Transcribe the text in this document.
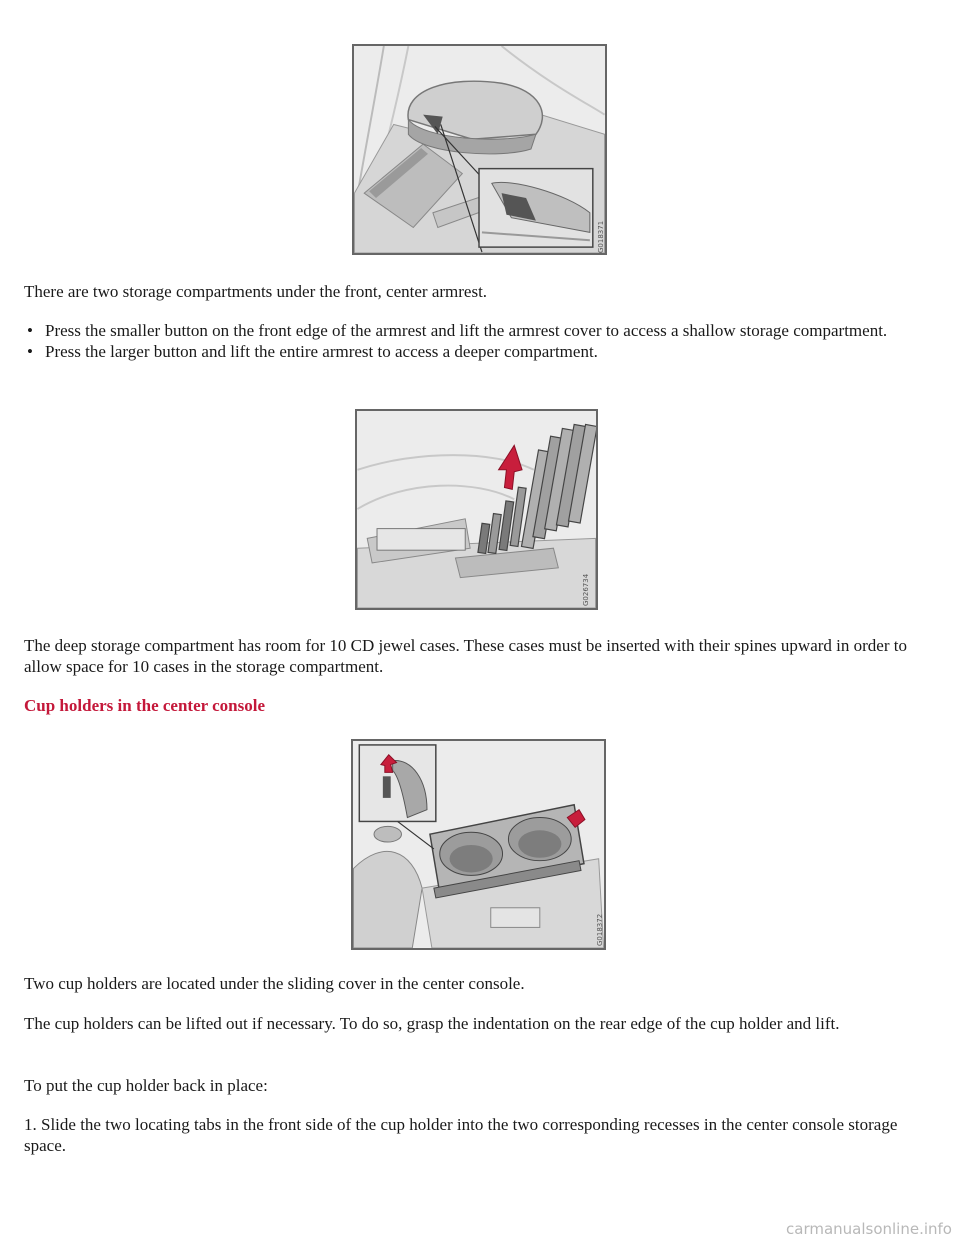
G018371

There are two storage compartments under the front, center armrest.

• Press the smaller button on the front edge of the armrest and lift the armrest cover to access a shallow storage compartment.
• Press the larger button and lift the entire armrest to access a deeper compartment.
G026734

The deep storage compartment has room for 10 CD jewel cases. These cases must be inserted with their spines upward in order to allow space for 10 cases in the storage compartment.

Cup holders in the center console
G018372

Two cup holders are located under the sliding cover in the center console.

The cup holders can be lifted out if necessary. To do so, grasp the indentation on the rear edge of the cup holder and lift.

To put the cup holder back in place:

1. Slide the two locating tabs in the front side of the cup holder into the two corresponding recesses in the center console storage space.

carmanualsonline.info
